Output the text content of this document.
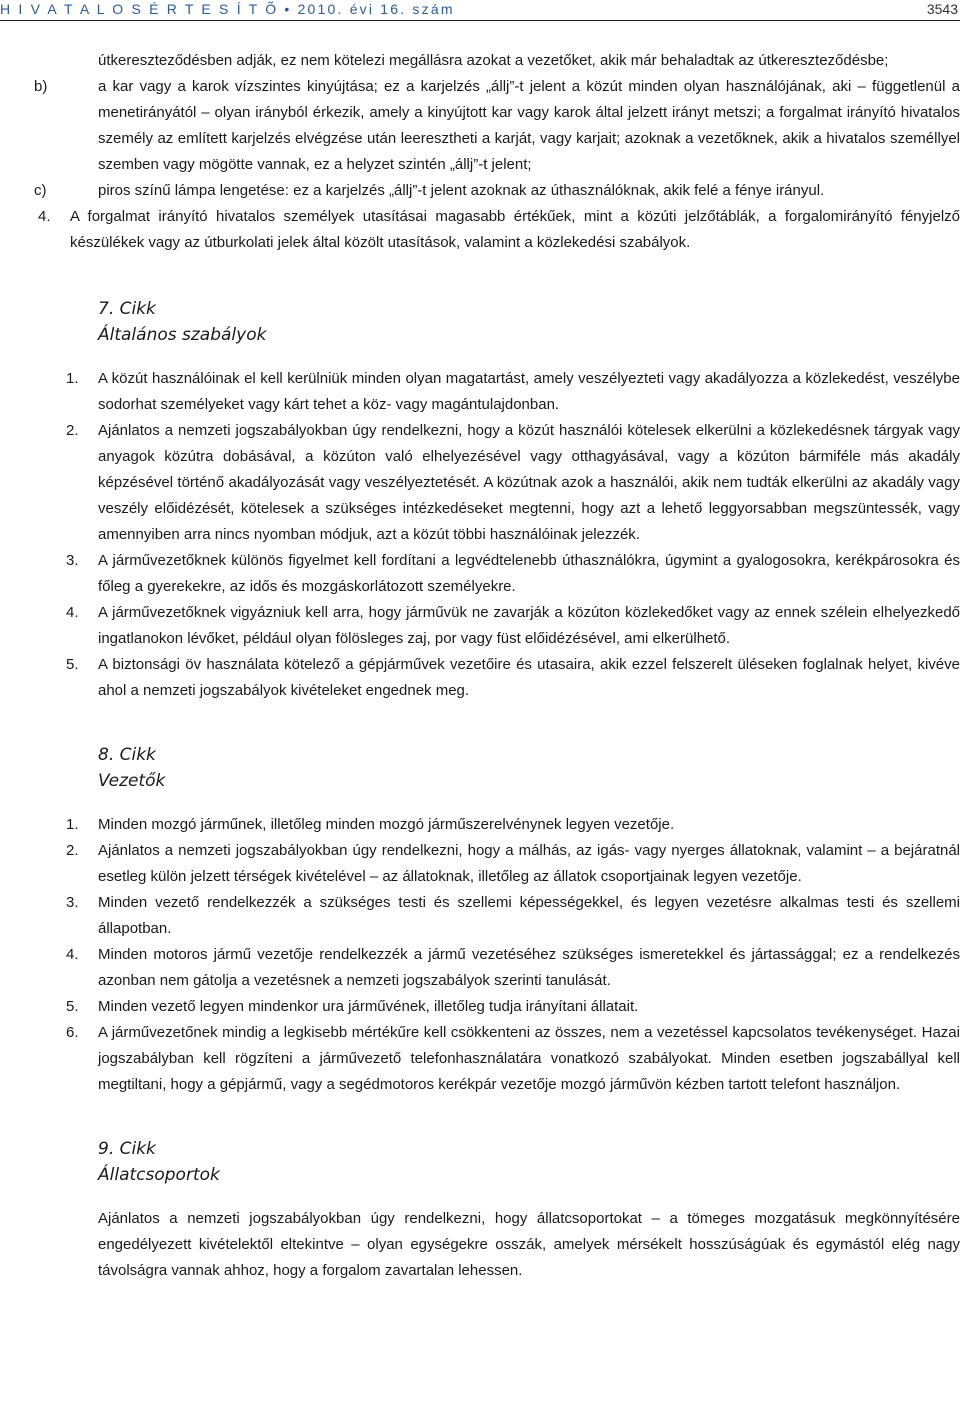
H I V A T A L O S É R T E S Í T Õ • 2010. évi 16. szám	3543
útkereszteződésben adják, ez nem kötelezi megállásra azokat a vezetőket, akik már behaladtak az útkereszteződésbe;
b)	a kar vagy a karok vízszintes kinyújtása; ez a karjelzés „állj”-t jelent a közút minden olyan használójának, aki – függetlenül a menetirányától – olyan irányból érkezik, amely a kinyújtott kar vagy karok által jelzett irányt metszi; a forgalmat irányító hivatalos személy az említett karjelzés elvégzése után leeresztheti a karját, vagy karjait; azoknak a vezetőknek, akik a hivatalos személlyel szemben vagy mögötte vannak, ez a helyzet szintén „állj”-t jelent;
c)	piros színű lámpa lengetése: ez a karjelzés „állj”-t jelent azoknak az úthasználóknak, akik felé a fénye irányul.
4. A forgalmat irányító hivatalos személyek utasításai magasabb értékűek, mint a közúti jelzőtáblák, a forgalomirányító fényjelző készülékek vagy az útburkolati jelek által közölt utasítások, valamint a közlekedési szabályok.
7. Cikk
Általános szabályok
1. A közút használóinak el kell kerülniük minden olyan magatartást, amely veszélyezteti vagy akadályozza a közlekedést, veszélybe sodorhat személyeket vagy kárt tehet a köz- vagy magántulajdonban.
2. Ajánlatos a nemzeti jogszabályokban úgy rendelkezni, hogy a közút használói kötelesek elkerülni a közlekedésnek tárgyak vagy anyagok közútra dobásával, a közúton való elhelyezésével vagy otthagyásával, vagy a közúton bármiféle más akadály képzésével történő akadályozását vagy veszélyeztetését. A közútnak azok a használói, akik nem tudták elkerülni az akadály vagy veszély előidézését, kötelesek a szükséges intézkedéseket megtenni, hogy azt a lehető leggyorsabban megszüntessék, vagy amennyiben arra nincs nyomban módjuk, azt a közút többi használóinak jelezzék.
3. A járművezetőknek különös figyelmet kell fordítani a legvédtelenebb úthasználókra, úgymint a gyalogosokra, kerékpárosokra és főleg a gyerekekre, az idős és mozgáskorlátozott személyekre.
4. A járművezetőknek vigyázniuk kell arra, hogy járművük ne zavarják a közúton közlekedőket vagy az ennek szélein elhelyezkedő ingatlanokon lévőket, például olyan fölösleges zaj, por vagy füst előidézésével, ami elkerülhető.
5. A biztonsági öv használata kötelező a gépjárművek vezetőire és utasaira, akik ezzel felszerelt üléseken foglalnak helyet, kivéve ahol a nemzeti jogszabályok kivételeket engednek meg.
8. Cikk
Vezetők
1. Minden mozgó járműnek, illetőleg minden mozgó járműszerelvénynek legyen vezetője.
2. Ajánlatos a nemzeti jogszabályokban úgy rendelkezni, hogy a málhás, az igás- vagy nyerges állatoknak, valamint – a bejáratnál esetleg külön jelzett térségek kivételével – az állatoknak, illetőleg az állatok csoportjainak legyen vezetője.
3. Minden vezető rendelkezzék a szükséges testi és szellemi képességekkel, és legyen vezetésre alkalmas testi és szellemi állapotban.
4. Minden motoros jármű vezetője rendelkezzék a jármű vezetéséhez szükséges ismeretekkel és jártassággal; ez a rendelkezés azonban nem gátolja a vezetésnek a nemzeti jogszabályok szerinti tanulását.
5. Minden vezető legyen mindenkor ura járművének, illetőleg tudja irányítani állatait.
6. A járművezetőnek mindig a legkisebb mértékűre kell csökkenteni az összes, nem a vezetéssel kapcsolatos tevékenységet. Hazai jogszabályban kell rögzíteni a járművezető telefonhasználatára vonatkozó szabályokat. Minden esetben jogszabállyal kell megtiltani, hogy a gépjármű, vagy a segédmotoros kerékpár vezetője mozgó járművön kézben tartott telefont használjon.
9. Cikk
Állatcsoportok
Ajánlatos a nemzeti jogszabályokban úgy rendelkezni, hogy állatcsoportokat – a tömeges mozgatásuk megkönnyítésére engedélyezett kivételektől eltekintve – olyan egységekre osszák, amelyek mérsékelt hosszúságúak és egymástól elég nagy távolságra vannak ahhoz, hogy a forgalom zavartalan lehessen.
